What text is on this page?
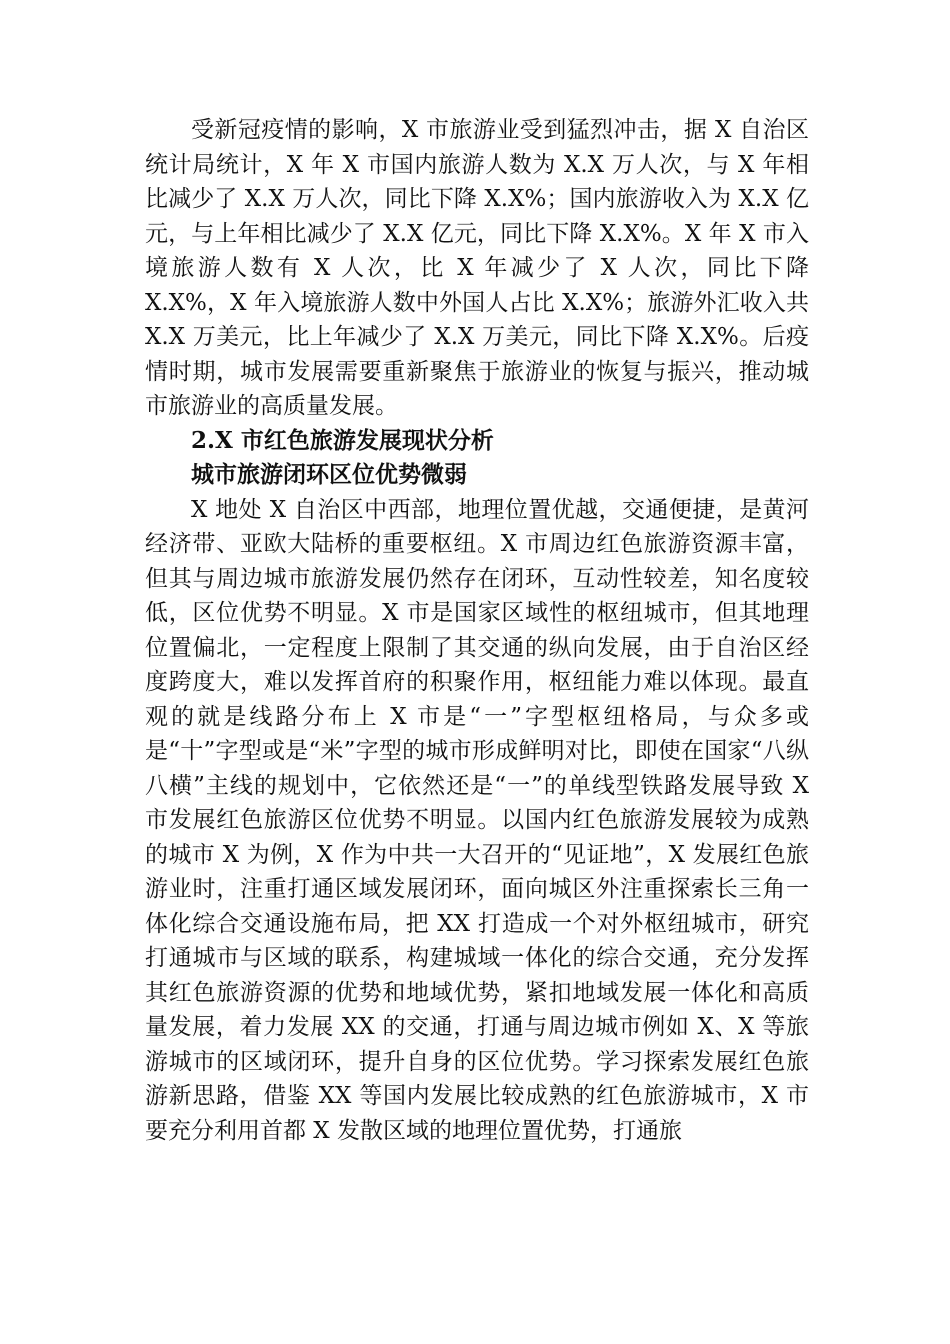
受新冠疫情的影响，X 市旅游业受到猛烈冲击，据 X 自治区统计局统计，X 年 X 市国内旅游人数为 X.X 万人次，与 X 年相比减少了 X.X 万人次，同比下降 X.X%；国内旅游收入为 X.X 亿元，与上年相比减少了 X.X 亿元，同比下降 X.X%。X 年 X 市入境旅游人数有 X 人次，比 X 年减少了 X 人次，同比下降 X.X%，X 年入境旅游人数中外国人占比 X.X%；旅游外汇收入共 X.X 万美元，比上年减少了 X.X 万美元，同比下降 X.X%。后疫情时期，城市发展需要重新聚焦于旅游业的恢复与振兴，推动城市旅游业的高质量发展。

2.X 市红色旅游发展现状分析

城市旅游闭环区位优势微弱

X 地处 X 自治区中西部，地理位置优越，交通便捷，是黄河经济带、亚欧大陆桥的重要枢纽。X 市周边红色旅游资源丰富，但其与周边城市旅游发展仍然存在闭环，互动性较差，知名度较低，区位优势不明显。X 市是国家区域性的枢纽城市，但其地理位置偏北，一定程度上限制了其交通的纵向发展，由于自治区经度跨度大，难以发挥首府的积聚作用，枢纽能力难以体现。最直观的就是线路分布上 X 市是“一”字型枢纽格局，与众多或是“十”字型或是“米”字型的城市形成鲜明对比，即使在国家“八纵八横”主线的规划中，它依然还是“一”的单线型铁路发展导致 X 市发展红色旅游区位优势不明显。以国内红色旅游发展较为成熟的城市 X 为例，X 作为中共一大召开的“见证地”，X 发展红色旅游业时，注重打通区域发展闭环，面向城区外注重探索长三角一体化综合交通设施布局，把 XX 打造成一个对外枢纽城市，研究打通城市与区域的联系，构建城域一体化的综合交通，充分发挥其红色旅游资源的优势和地域优势，紧扣地域发展一体化和高质量发展，着力发展 XX 的交通，打通与周边城市例如 X、X 等旅游城市的区域闭环，提升自身的区位优势。学习探索发展红色旅游新思路，借鉴 XX 等国内发展比较成熟的红色旅游城市，X 市要充分利用首都 X 发散区域的地理位置优势，打通旅
